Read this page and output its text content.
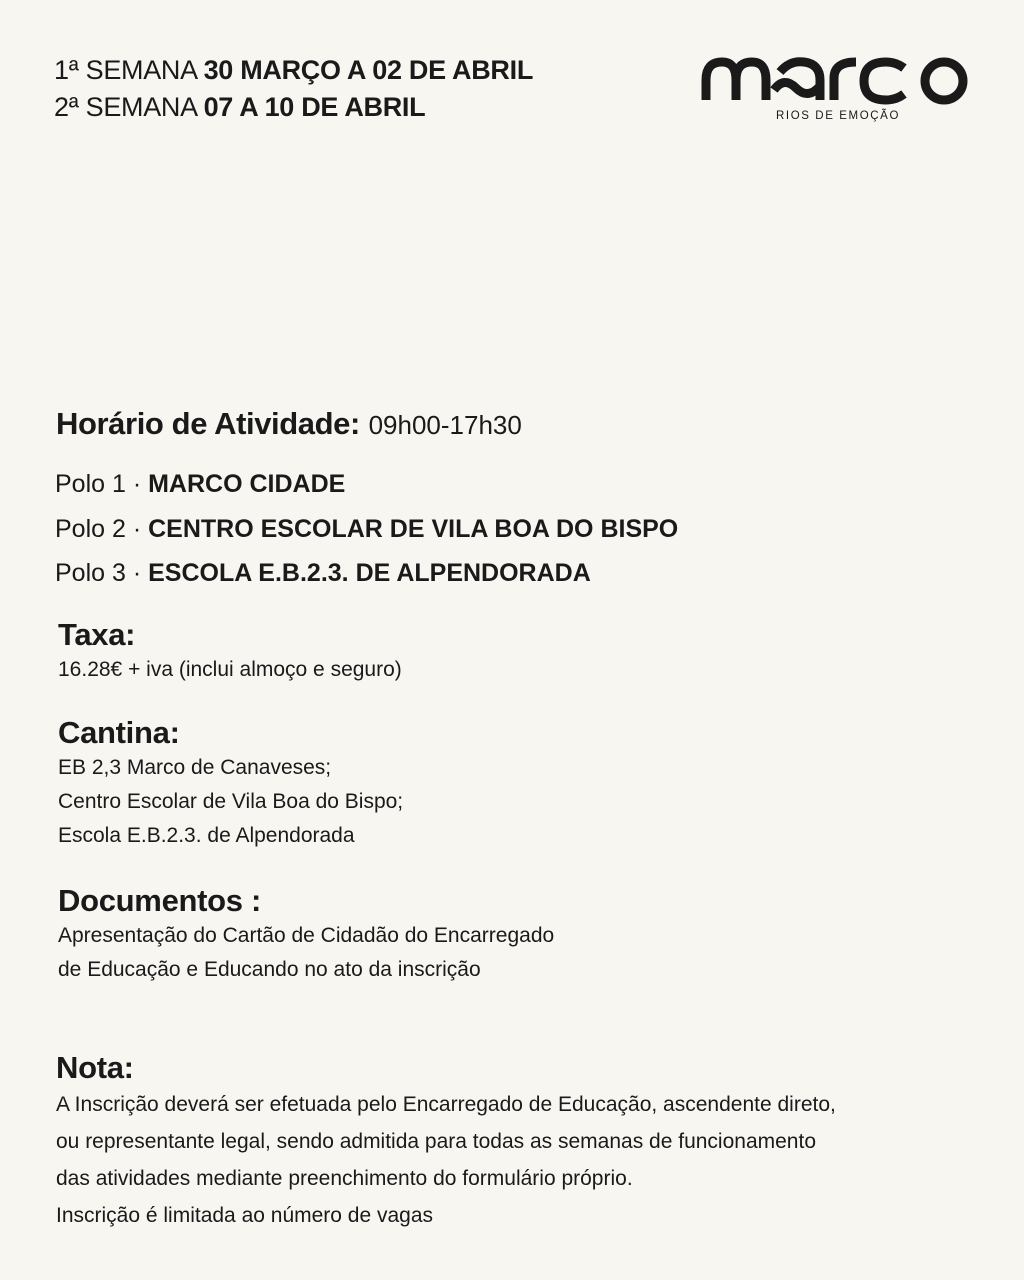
1ª SEMANA 30 MARÇO A 02 DE ABRIL
2ª SEMANA 07 A 10 DE ABRIL	RIOS DE EMOÇÃO
Horário de Atividade: 09h00-17h30
Polo 1 · MARCO CIDADE
Polo 2 · CENTRO ESCOLAR DE VILA BOA DO BISPO
Polo 3 · ESCOLA E.B.2.3. DE ALPENDORADA
Taxa:

16.28€ + iva (inclui almoço e seguro)

Cantina:

EB 2,3 Marco de Canaveses;

Centro Escolar de Vila Boa do Bispo;

Escola E.B.2.3. de Alpendorada

Documentos :

Apresentação do Cartão de Cidadão do Encarregado

de Educação e Educando no ato da inscrição

Nota:

A Inscrição deverá ser efetuada pelo Encarregado de Educação, ascendente direto,

ou representante legal, sendo admitida para todas as semanas de funcionamento

das atividades mediante preenchimento do formulário próprio.

Inscrição é limitada ao número de vagas
